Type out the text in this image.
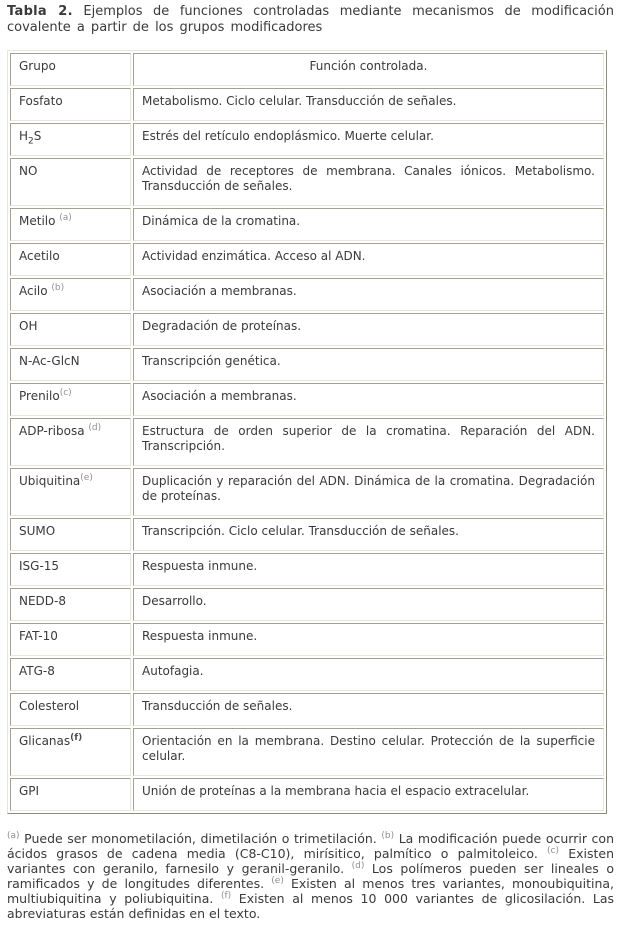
Tabla 2. Ejemplos de funciones controladas mediante mecanismos de modificación covalente a partir de los grupos modificadores

Grupo	Función controlada.
Fosfato	Metabolismo. Ciclo celular. Transducción de señales.
$H_2S$	Estrés del retículo endoplásmico. Muerte celular.
NO	Actividad de receptores de membrana. Canales iónicos. Metabolismo. Transducción de señales.
Metilo $^{(a)}$	Dinámica de la cromatina.
Acetilo	Actividad enzimática. Acceso al ADN.
Acilo $^{(b)}$	Asociación a membranas.
OH	Degradación de proteínas.
N-Ac-GlcN	Transcripción genética.
Prenilo$^{(c)}$	Asociación a membranas.
ADP-ribosa $^{(d)}$	Estructura de orden superior de la cromatina. Reparación del ADN. Transcripción.
Ubiquitina$^{(e)}$	Duplicación y reparación del ADN. Dinámica de la cromatina. Degradación de proteínas.
SUMO	Transcripción. Ciclo celular. Transducción de señales.
ISG-15	Respuesta inmune.
NEDD-8	Desarrollo.
FAT-10	Respuesta inmune.
ATG-8	Autofagia.
Colesterol	Transducción de señales.
Glicanas$^{(f)}$	Orientación en la membrana. Destino celular. Protección de la superficie celular.
GPI	Unión de proteínas a la membrana hacia el espacio extracelular.

$^{(a)}$ Puede ser monometilación, dimetilación o trimetilación. $^{(b)}$ La modificación puede ocurrir con ácidos grasos de cadena media (C8-C10), mirísitico, palmítico o palmitoleico. $^{(c)}$ Existen variantes con geranilo, farnesilo y geranil-geranilo. $^{(d)}$ Los polímeros pueden ser lineales o ramificados y de longitudes diferentes. $^{(e)}$ Existen al menos tres variantes, monoubiquitina, multiubiquitina y poliubiquitina. $^{(f)}$ Existen al menos 10 000 variantes de glicosilación. Las abreviaturas están definidas en el texto.
